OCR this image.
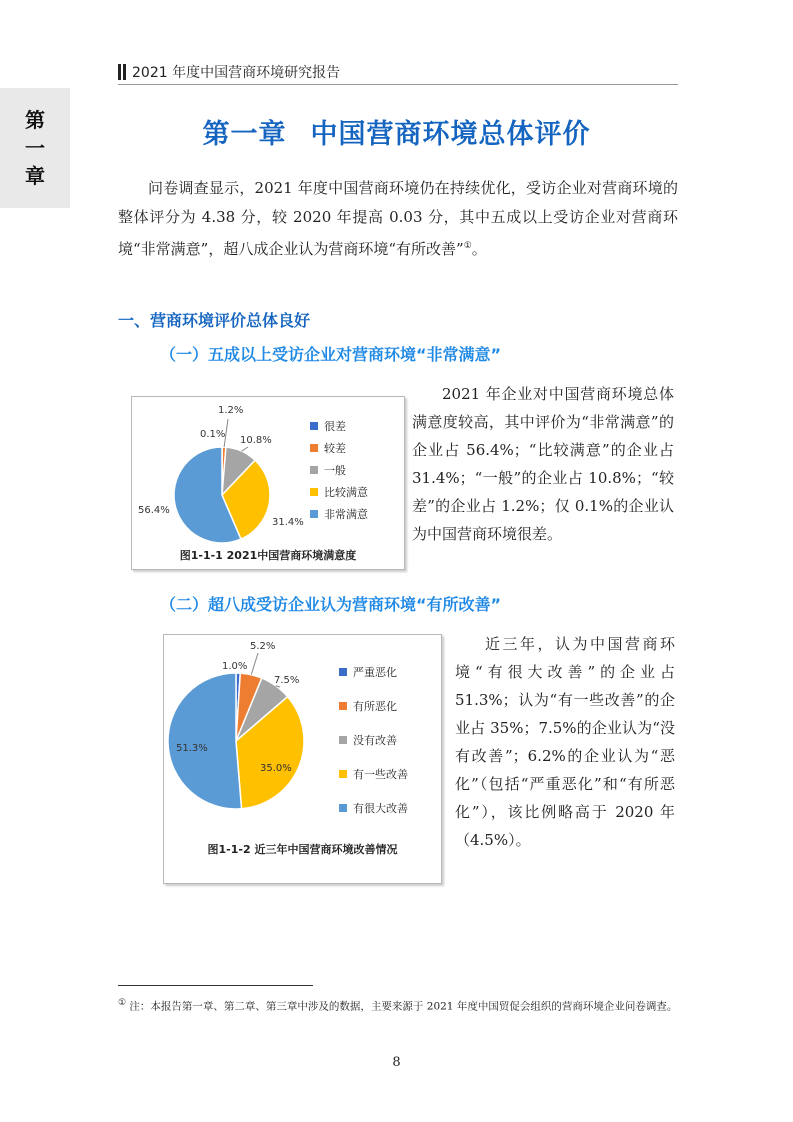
2021 年度中国营商环境研究报告
第
一
章
第一章 中国营商环境总体评价
问卷调查显示，2021 年度中国营商环境仍在持续优化，受访企业对营商环境的整体评分为 4.38 分，较 2020 年提高 0.03 分，其中五成以上受访企业对营商环境“非常满意”，超八成企业认为营商环境“有所改善”①。
一、营商环境评价总体良好
（一）五成以上受访企业对营商环境“非常满意”
1.2%
0.1%
10.8%
31.4%
56.4%
很差
较差
一般
比较满意
非常满意
图1-1-1 2021中国营商环境满意度
2021 年企业对中国营商环境总体满意度较高，其中评价为“非常满意”的企业占 56.4%；“比较满意”的企业占 31.4%；“一般”的企业占 10.8%；“较差”的企业占 1.2%；仅 0.1%的企业认为中国营商环境很差。
（二）超八成受访企业认为营商环境“有所改善”
5.2%
1.0%
7.5%
35.0%
51.3%
严重恶化
有所恶化
没有改善
有一些改善
有很大改善
图1-1-2 近三年中国营商环境改善情况
近三年，认为中国营商环境“有很大改善”的企业占 51.3%；认为“有一些改善”的企业占 35%；7.5%的企业认为“没有改善”；6.2%的企业认为“恶化”（包括“严重恶化”和“有所恶化”），该比例略高于 2020 年（4.5%）。
① 注：本报告第一章、第二章、第三章中涉及的数据，主要来源于 2021 年度中国贸促会组织的营商环境企业问卷调查。
8
